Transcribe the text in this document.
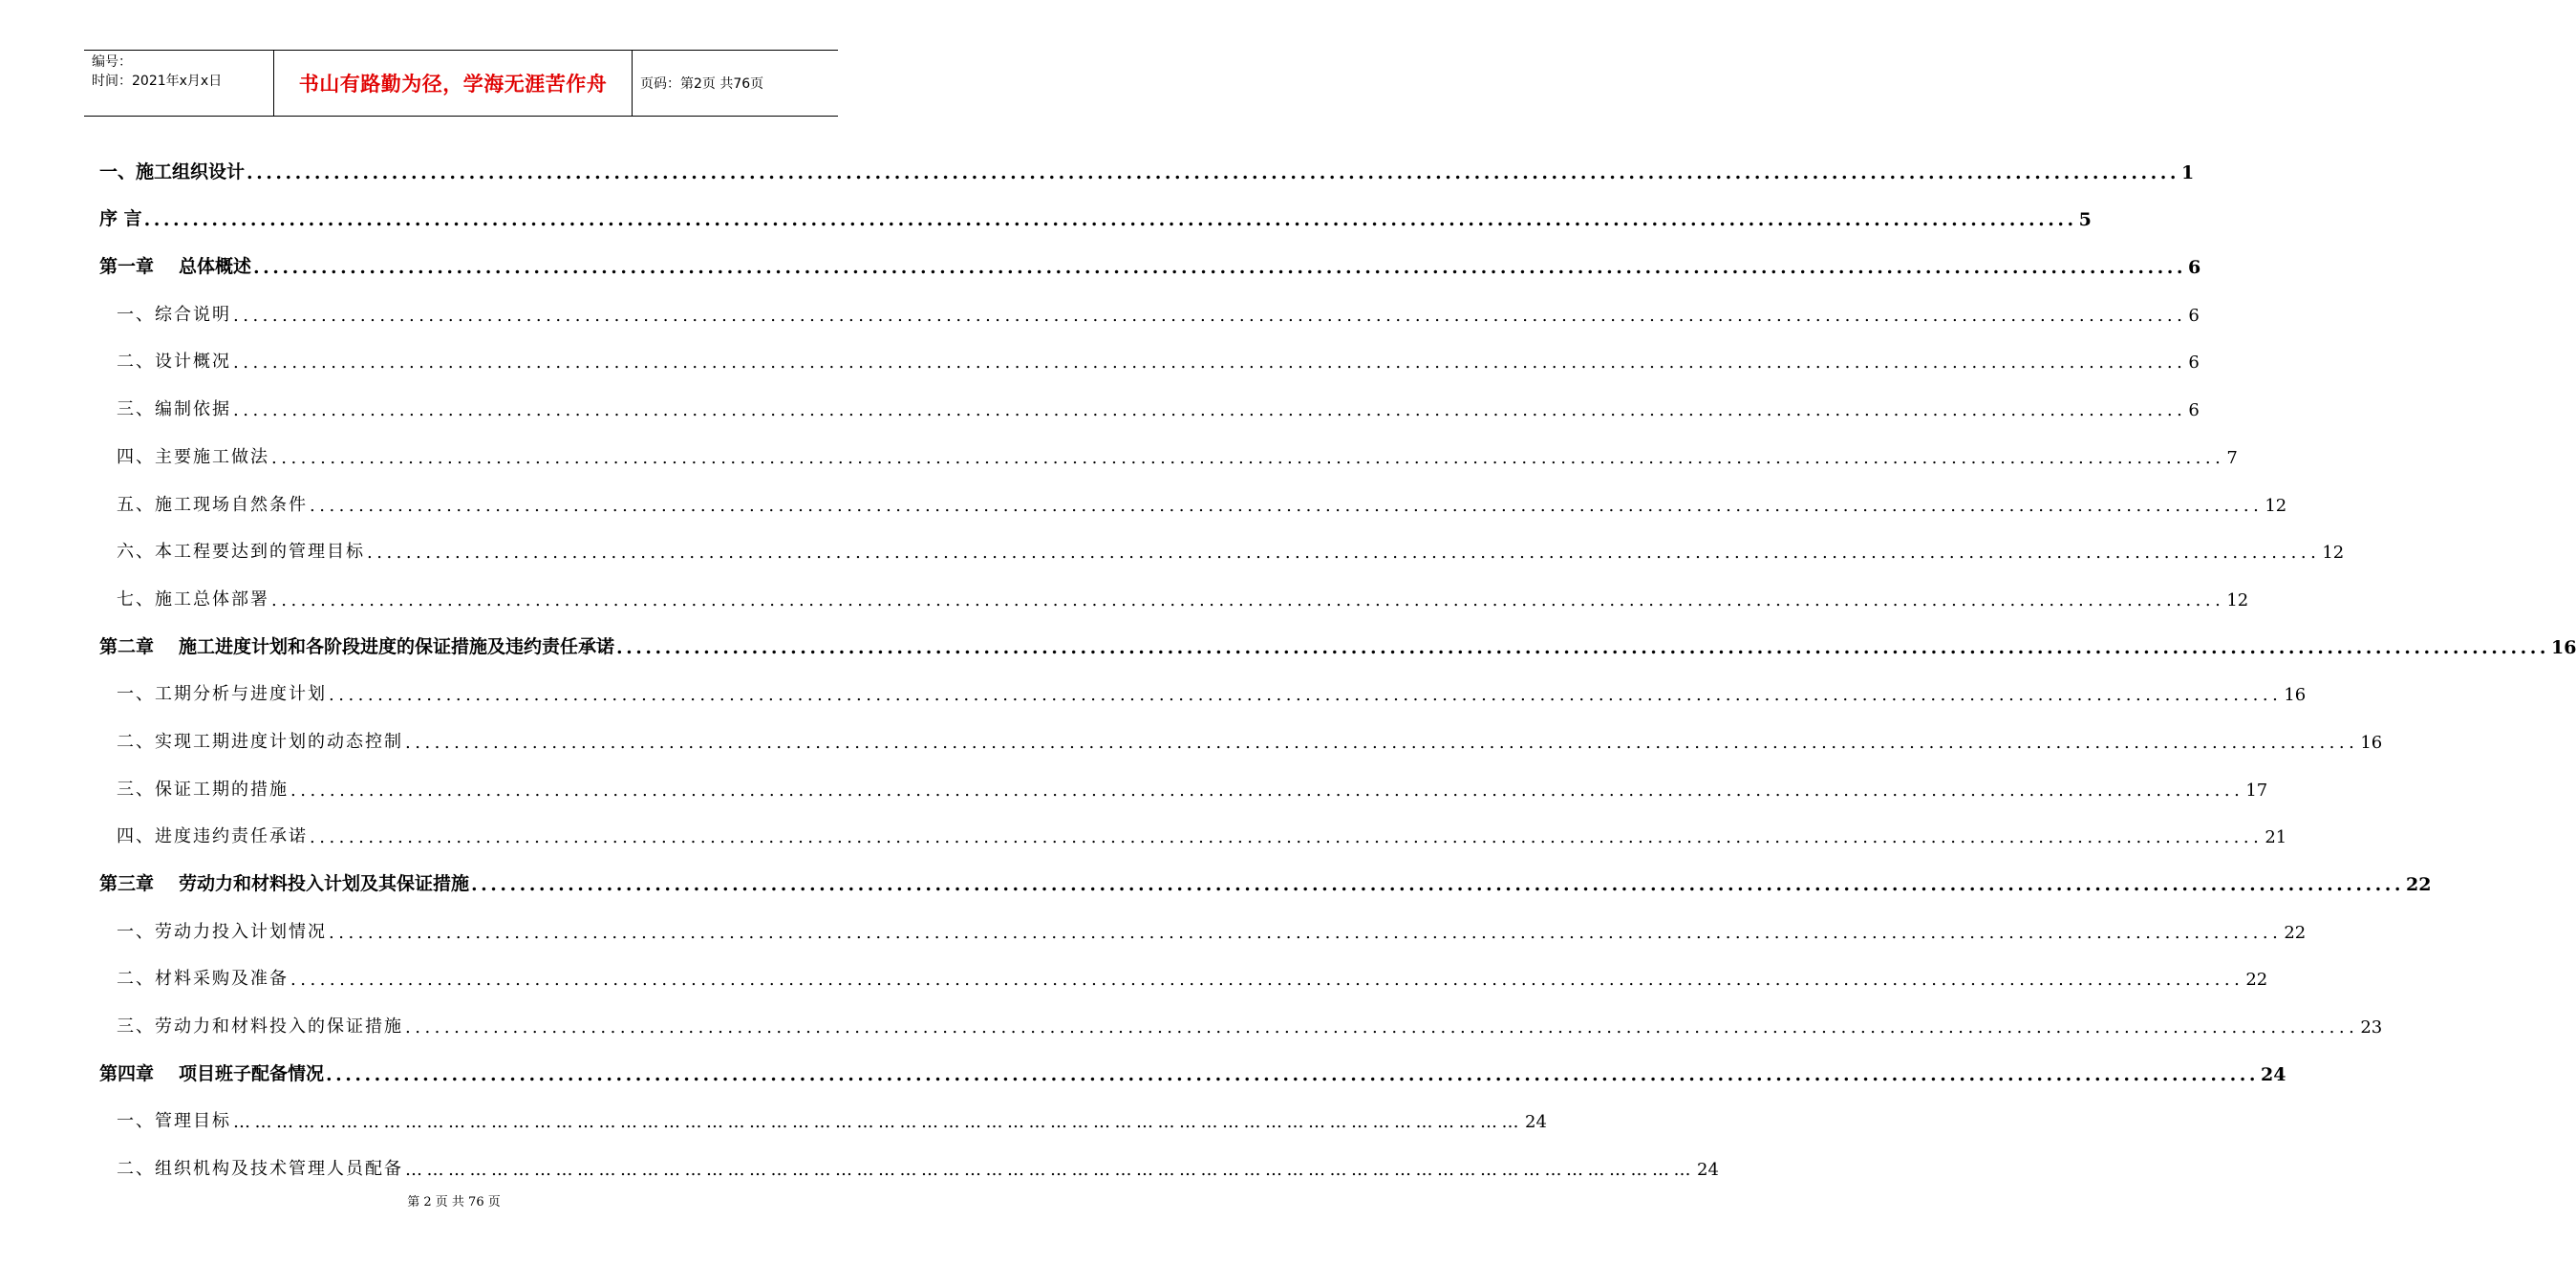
编号：
时间：2021年x月x日	书山有路勤为径，学海无涯苦作舟	页码：第2页 共76页
一、施工组织设计 ........................................................................................................................................................................................................ 1
序 言 ........................................................................................................................................................................................................ 5
第一章 总体概述 ........................................................................................................................................................................................................ 6
一、综合说明 ........................................................................................................................................................................................................ 6
二、设计概况 ........................................................................................................................................................................................................ 6
三、编制依据 ........................................................................................................................................................................................................ 6
四、主要施工做法 ........................................................................................................................................................................................................ 7
五、施工现场自然条件 ........................................................................................................................................................................................................ 12
六、本工程要达到的管理目标 ........................................................................................................................................................................................................ 12
七、施工总体部署 ........................................................................................................................................................................................................ 12
第二章 施工进度计划和各阶段进度的保证措施及违约责任承诺 ........................................................................................................................................................................................................ 16
一、工期分析与进度计划 ........................................................................................................................................................................................................ 16
二、实现工期进度计划的动态控制 ........................................................................................................................................................................................................ 16
三、保证工期的措施 ........................................................................................................................................................................................................ 17
四、进度违约责任承诺 ........................................................................................................................................................................................................ 21
第三章 劳动力和材料投入计划及其保证措施 ........................................................................................................................................................................................................ 22
一、劳动力投入计划情况 ........................................................................................................................................................................................................ 22
二、材料采购及准备 ........................................................................................................................................................................................................ 22
三、劳动力和材料投入的保证措施 ........................................................................................................................................................................................................ 23
第四章 项目班子配备情况 ........................................................................................................................................................................................................ 24
一、管理目标 ……………………………………………………………………………………………………………………………………………………………… 24
二、组织机构及技术管理人员配备 ……………………………………………………………………………………………………………………………………………………………… 24
第 2 页 共 76 页
